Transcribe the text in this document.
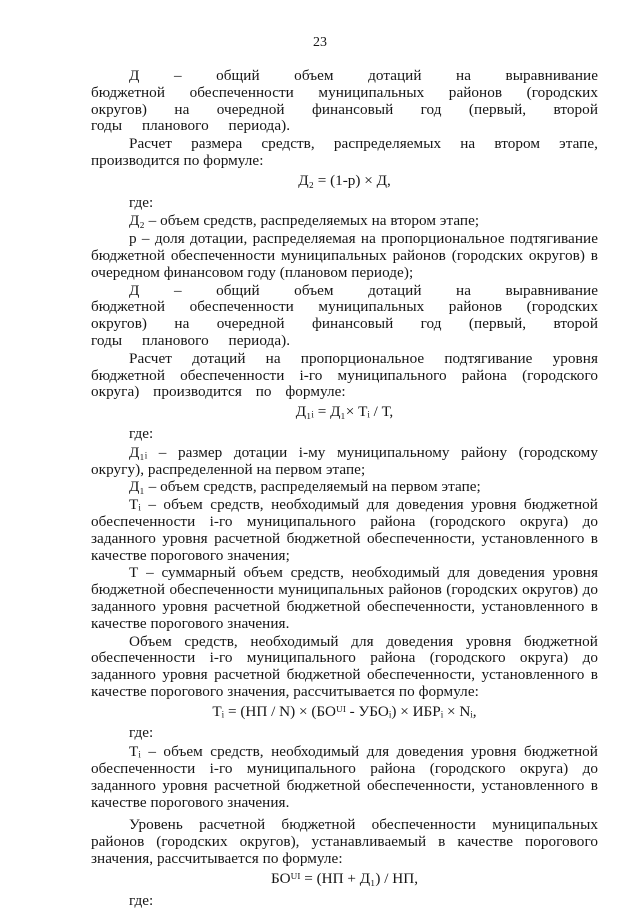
23

Д – общий объем дотаций на выравнивание бюджетной обеспеченности муниципальных районов (городских округов) на очередной финансовый год (первый, второй годы планового периода).

Расчет размера средств, распределяемых на втором этапе, производится по формуле:

Д₂ = (1-р) × Д,
где:

Д₂ – объем средств, распределяемых на втором этапе;

р – доля дотации, распределяемая на пропорциональное подтягивание бюджетной обеспеченности муниципальных районов (городских округов) в очередном финансовом году (плановом периоде);

Д – общий объем дотаций на выравнивание бюджетной обеспеченности муниципальных районов (городских округов) на очередной финансовый год (первый, второй годы планового периода).

Расчет дотаций на пропорциональное подтягивание уровня бюджетной обеспеченности i-го муниципального района (городского округа) производится по формуле:

Д₁ᵢ = Д₁× Тᵢ / Т,
где:

Д₁ᵢ – размер дотации i-му муниципальному району (городскому округу), распределенной на первом этапе;

Д₁ – объем средств, распределяемый на первом этапе;

Тᵢ – объем средств, необходимый для доведения уровня бюджетной обеспеченности i-го муниципального района (городского округа) до заданного уровня расчетной бюджетной обеспеченности, установленного в качестве порогового значения;

Т – суммарный объем средств, необходимый для доведения уровня бюджетной обеспеченности муниципальных районов (городских округов) до заданного уровня расчетной бюджетной обеспеченности, установленного в качестве порогового значения.

Объем средств, необходимый для доведения уровня бюджетной обеспеченности i-го муниципального района (городского округа) до заданного уровня расчетной бюджетной обеспеченности, установленного в качестве порогового значения, рассчитывается по формуле:

Тᵢ = (НП / N) × (БОᵁᴵ - УБОᵢ) × ИБРᵢ × Nᵢ,
где:

Тᵢ – объем средств, необходимый для доведения уровня бюджетной обеспеченности i-го муниципального района (городского округа) до заданного уровня расчетной бюджетной обеспеченности, установленного в качестве порогового значения.

Уровень расчетной бюджетной обеспеченности муниципальных районов (городских округов), устанавливаемый в качестве порогового значения, рассчитывается по формуле:

БОᵁᴵ = (НП + Д₁) / НП,
где:
